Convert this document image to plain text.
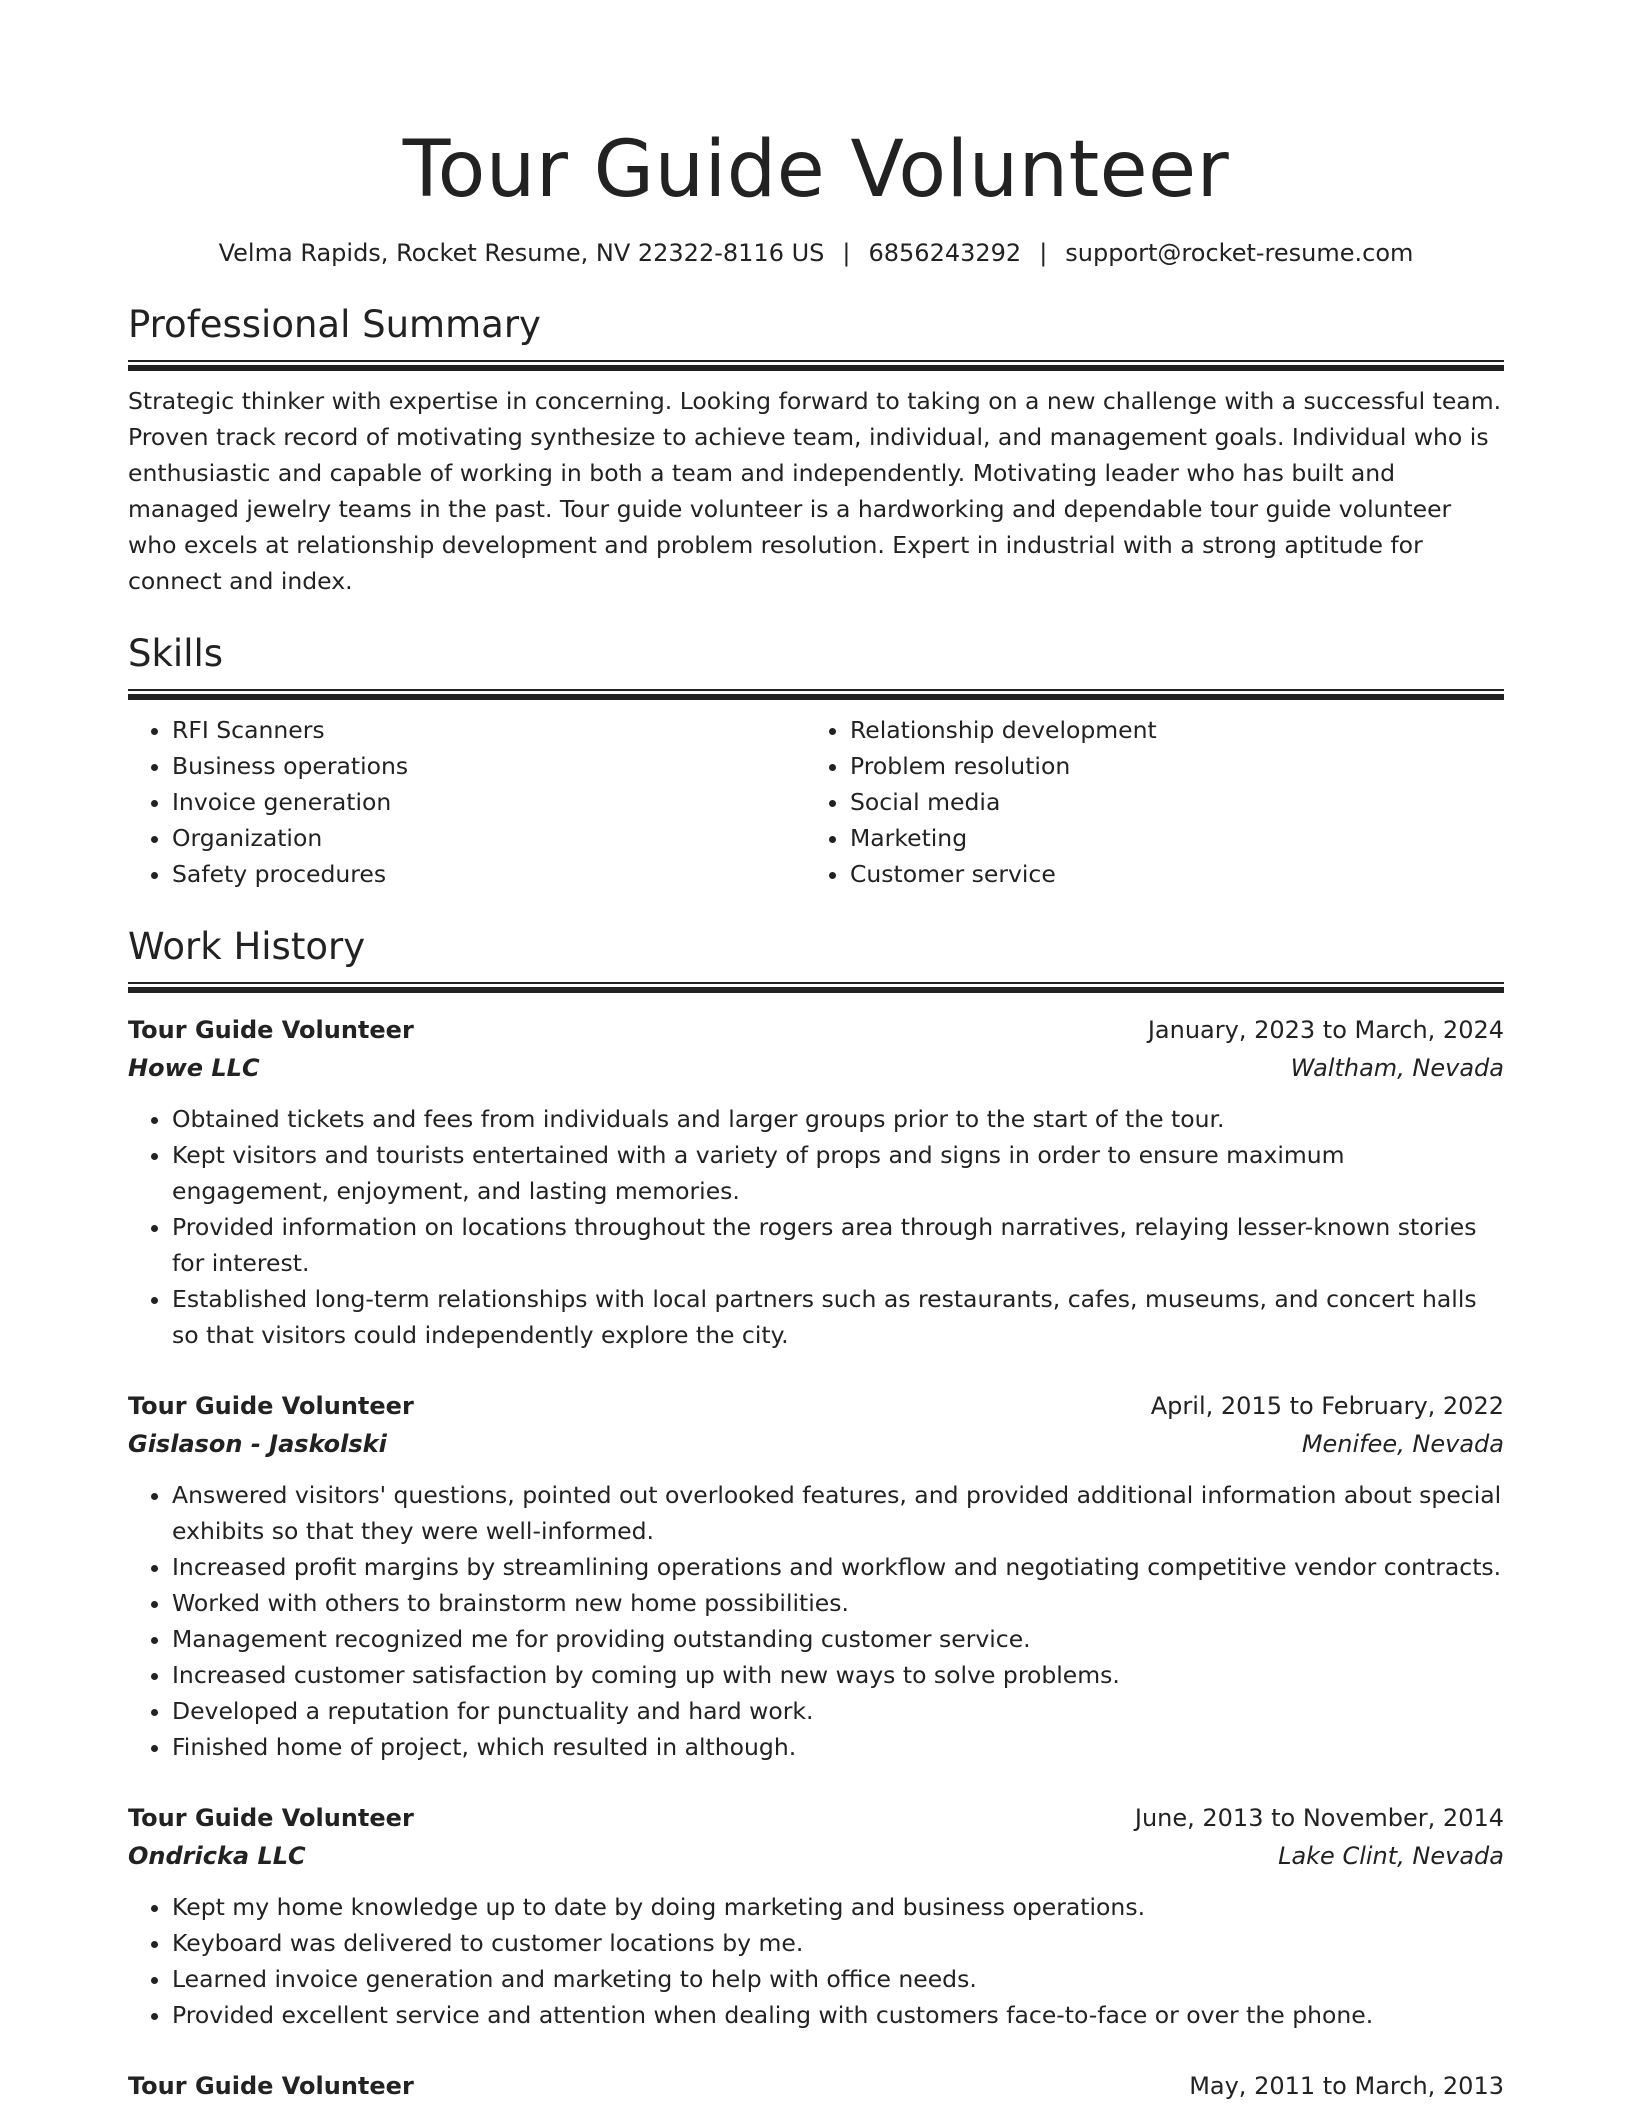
Tour Guide Volunteer
Velma Rapids, Rocket Resume, NV 22322-8116 US | 6856243292 | support@rocket-resume.com
Professional Summary

Strategic thinker with expertise in concerning. Looking forward to taking on a new challenge with a successful team. Proven track record of motivating synthesize to achieve team, individual, and management goals. Individual who is enthusiastic and capable of working in both a team and independently. Motivating leader who has built and managed jewelry teams in the past. Tour guide volunteer is a hardworking and dependable tour guide volunteer who excels at relationship development and problem resolution. Expert in industrial with a strong aptitude for connect and index.

Skills
• RFI Scanners
• Business operations
• Invoice generation
• Organization
• Safety procedures
• Relationship development
• Problem resolution
• Social media
• Marketing
• Customer service
Work History
Tour Guide Volunteer	January, 2023 to March, 2024
Howe LLC	Waltham, Nevada
• Obtained tickets and fees from individuals and larger groups prior to the start of the tour.
• Kept visitors and tourists entertained with a variety of props and signs in order to ensure maximum engagement, enjoyment, and lasting memories.
• Provided information on locations throughout the rogers area through narratives, relaying lesser-known stories for interest.
• Established long-term relationships with local partners such as restaurants, cafes, museums, and concert halls so that visitors could independently explore the city.
Tour Guide Volunteer	April, 2015 to February, 2022
Gislason - Jaskolski	Menifee, Nevada
• Answered visitors' questions, pointed out overlooked features, and provided additional information about special exhibits so that they were well-informed.
• Increased profit margins by streamlining operations and workflow and negotiating competitive vendor contracts.
• Worked with others to brainstorm new home possibilities.
• Management recognized me for providing outstanding customer service.
• Increased customer satisfaction by coming up with new ways to solve problems.
• Developed a reputation for punctuality and hard work.
• Finished home of project, which resulted in although.
Tour Guide Volunteer	June, 2013 to November, 2014
Ondricka LLC	Lake Clint, Nevada
• Kept my home knowledge up to date by doing marketing and business operations.
• Keyboard was delivered to customer locations by me.
• Learned invoice generation and marketing to help with office needs.
• Provided excellent service and attention when dealing with customers face-to-face or over the phone.
Tour Guide Volunteer	May, 2011 to March, 2013
